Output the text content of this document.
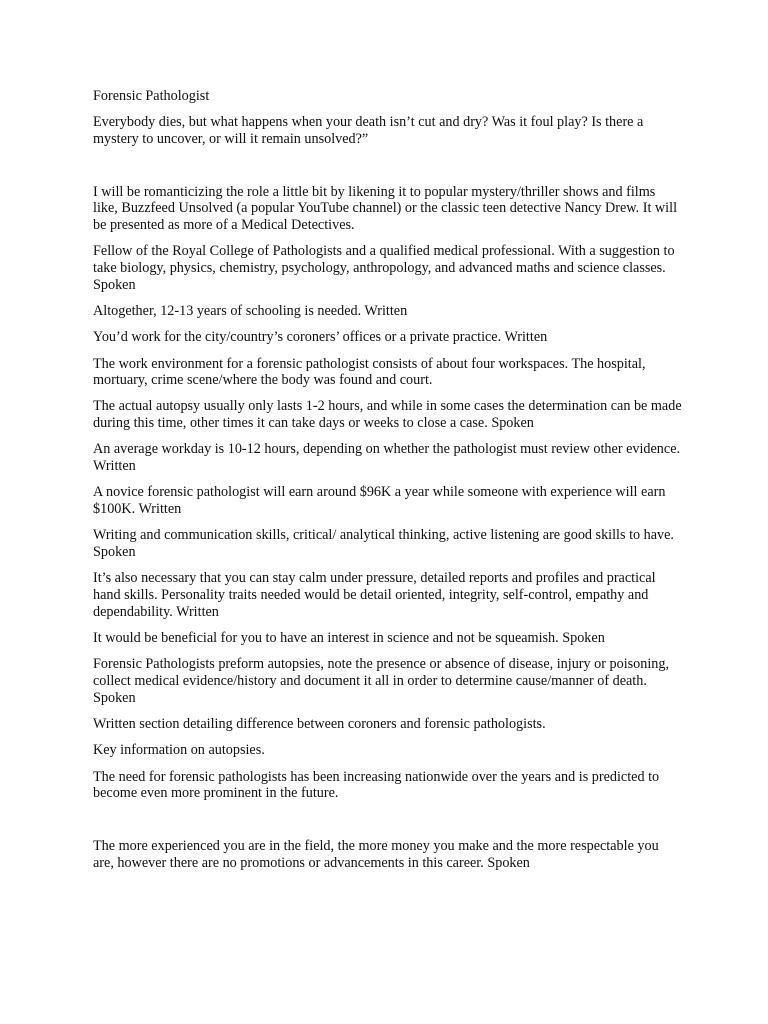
Forensic Pathologist

Everybody dies, but what happens when your death isn’t cut and dry? Was it foul play? Is there a mystery to uncover, or will it remain unsolved?”

I will be romanticizing the role a little bit by likening it to popular mystery/thriller shows and films like, Buzzfeed Unsolved (a popular YouTube channel) or the classic teen detective Nancy Drew. It will be presented as more of a Medical Detectives.

Fellow of the Royal College of Pathologists and a qualified medical professional. With a suggestion to take biology, physics, chemistry, psychology, anthropology, and advanced maths and science classes. Spoken

Altogether, 12-13 years of schooling is needed. Written

You’d work for the city/country’s coroners’ offices or a private practice. Written

The work environment for a forensic pathologist consists of about four workspaces. The hospital, mortuary, crime scene/where the body was found and court.

The actual autopsy usually only lasts 1-2 hours, and while in some cases the determination can be made during this time, other times it can take days or weeks to close a case. Spoken

An average workday is 10-12 hours, depending on whether the pathologist must review other evidence. Written

A novice forensic pathologist will earn around $96K a year while someone with experience will earn $100K. Written

Writing and communication skills, critical/ analytical thinking, active listening are good skills to have. Spoken

It’s also necessary that you can stay calm under pressure, detailed reports and profiles and practical hand skills. Personality traits needed would be detail oriented, integrity, self-control, empathy and dependability. Written

It would be beneficial for you to have an interest in science and not be squeamish. Spoken

Forensic Pathologists preform autopsies, note the presence or absence of disease, injury or poisoning, collect medical evidence/history and document it all in order to determine cause/manner of death. Spoken

Written section detailing difference between coroners and forensic pathologists.

Key information on autopsies.

The need for forensic pathologists has been increasing nationwide over the years and is predicted to become even more prominent in the future.

The more experienced you are in the field, the more money you make and the more respectable you are, however there are no promotions or advancements in this career. Spoken
